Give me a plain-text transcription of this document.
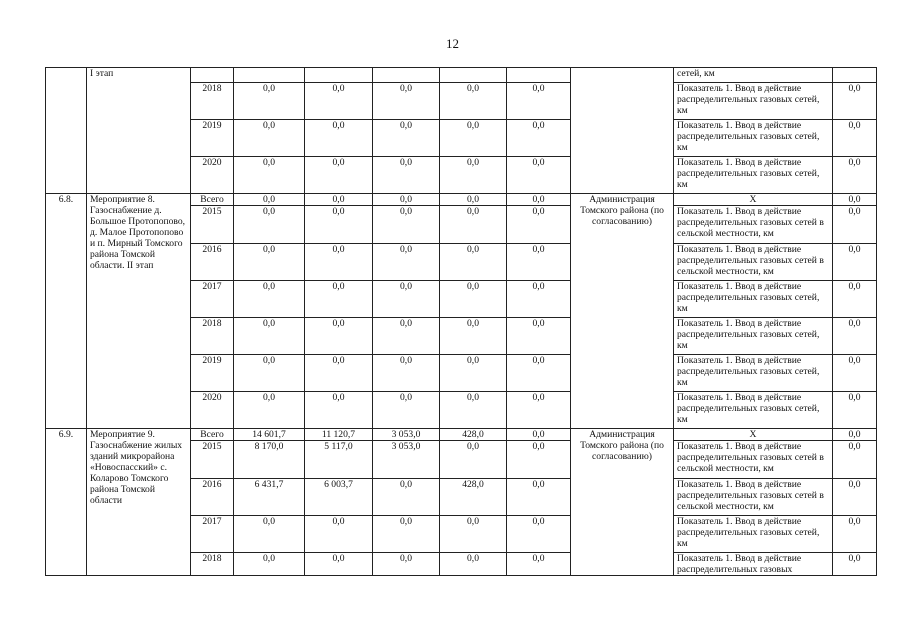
12
	I этап								сетей, км	
		2018	0,0	0,0	0,0	0,0	0,0		Показатель 1. Ввод в действие распределительных газовых сетей, км	0,0
		2019	0,0	0,0	0,0	0,0	0,0		Показатель 1. Ввод в действие распределительных газовых сетей, км	0,0
		2020	0,0	0,0	0,0	0,0	0,0		Показатель 1. Ввод в действие распределительных газовых сетей, км	0,0
6.8.	Мероприятие 8. Газоснабжение д. Большое Протопопово, д. Малое Протопопово и п. Мирный Томского района Томской области. II этап	Всего	0,0	0,0	0,0	0,0	0,0	Администрация Томского района (по согласованию)	Х	0,0
		2015	0,0	0,0	0,0	0,0	0,0		Показатель 1. Ввод в действие распределительных газовых сетей в сельской местности, км	0,0
		2016	0,0	0,0	0,0	0,0	0,0		Показатель 1. Ввод в действие распределительных газовых сетей в сельской местности, км	0,0
		2017	0,0	0,0	0,0	0,0	0,0		Показатель 1. Ввод в действие распределительных газовых сетей, км	0,0
		2018	0,0	0,0	0,0	0,0	0,0		Показатель 1. Ввод в действие распределительных газовых сетей, км	0,0
		2019	0,0	0,0	0,0	0,0	0,0		Показатель 1. Ввод в действие распределительных газовых сетей, км	0,0
		2020	0,0	0,0	0,0	0,0	0,0		Показатель 1. Ввод в действие распределительных газовых сетей, км	0,0
6.9.	Мероприятие 9. Газоснабжение жилых зданий микрорайона «Новоспасский» с. Коларово Томского района Томской области	Всего	14 601,7	11 120,7	3 053,0	428,0	0,0	Администрация Томского района (по согласованию)	Х	0,0
		2015	8 170,0	5 117,0	3 053,0	0,0	0,0		Показатель 1. Ввод в действие распределительных газовых сетей в сельской местности, км	0,0
		2016	6 431,7	6 003,7	0,0	428,0	0,0		Показатель 1. Ввод в действие распределительных газовых сетей в сельской местности, км	0,0
		2017	0,0	0,0	0,0	0,0	0,0		Показатель 1. Ввод в действие распределительных газовых сетей, км	0,0
		2018	0,0	0,0	0,0	0,0	0,0		Показатель 1. Ввод в действие распределительных газовых	0,0
